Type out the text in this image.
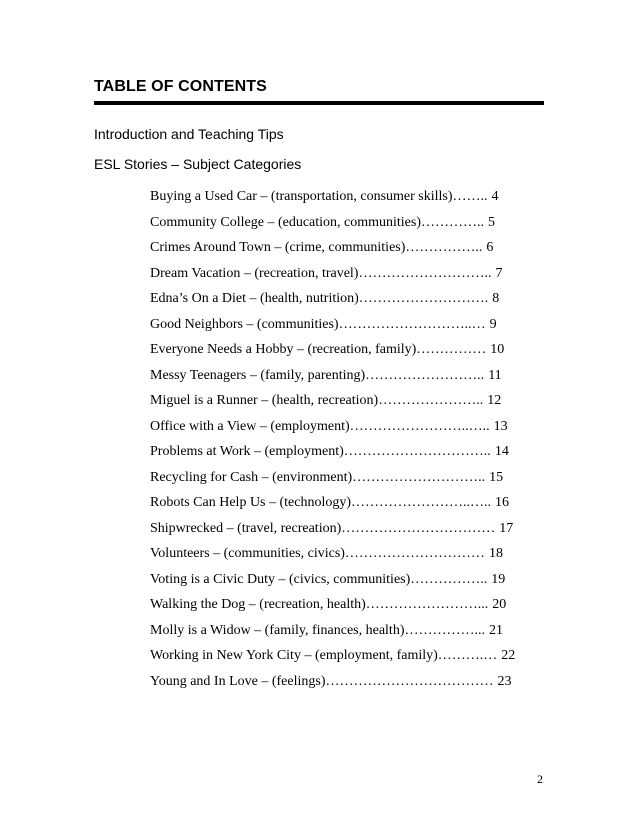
TABLE OF CONTENTS
Introduction and Teaching Tips
ESL Stories – Subject Categories
Buying a Used Car – (transportation, consumer skills)…….. 4
Community College – (education, communities)………….. 5
Crimes Around Town – (crime, communities)…………….. 6
Dream Vacation – (recreation, travel)……………………….. 7
Edna’s On a Diet – (health, nutrition)………………………. 8
Good Neighbors – (communities)………………………..… 9
Everyone Needs a Hobby – (recreation, family)…………… 10
Messy Teenagers – (family, parenting)…………………….. 11
Miguel is a Runner – (health, recreation)………………….. 12
Office with a View – (employment)……………………..….. 13
Problems at Work – (employment)………………………….. 14
Recycling for Cash – (environment)……………………….. 15
Robots Can Help Us – (technology)……………………..….. 16
Shipwrecked – (travel, recreation)…………………………… 17
Volunteers – (communities, civics)………………………… 18
Voting is a Civic Duty – (civics, communities)…………….. 19
Walking the Dog – (recreation, health)……………………... 20
Molly is a Widow – (family, finances, health)……………... 21
Working in New York City – (employment, family)……….… 22
Young and In Love – (feelings)……………………………… 23
2
